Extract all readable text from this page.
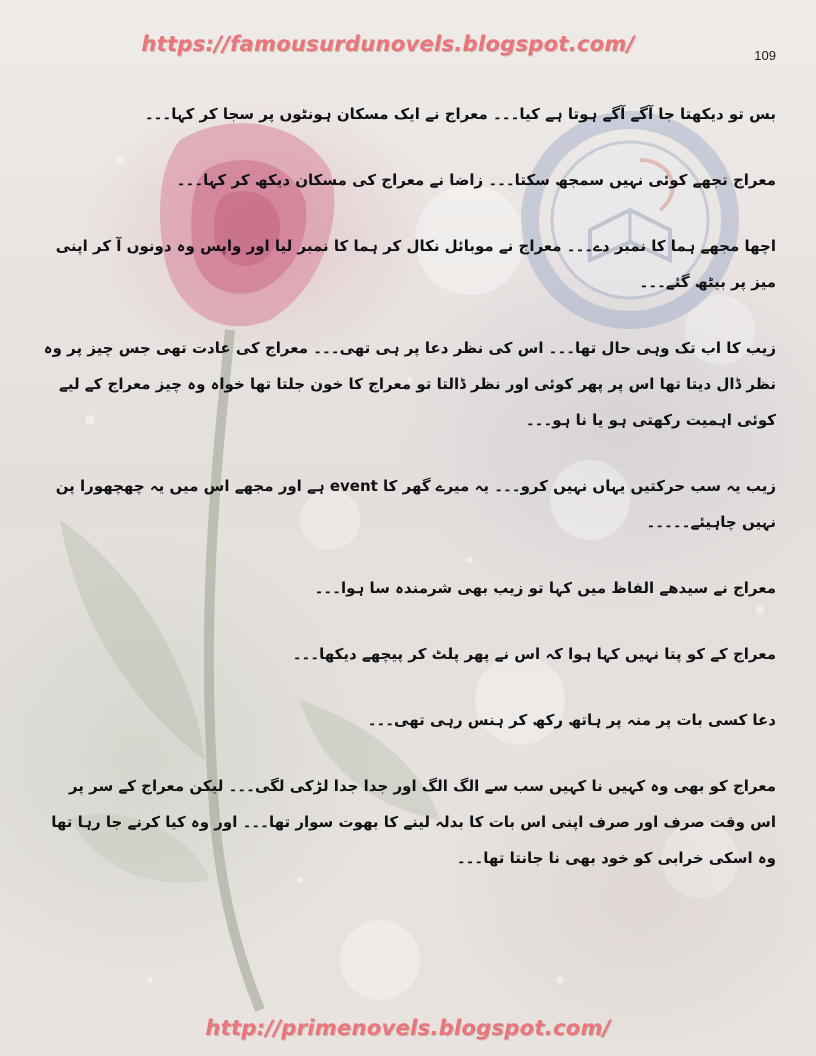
https://famousurdunovels.blogspot.com/	109

بس تو دیکھتا جا آگے آگے ہوتا ہے کیا۔۔۔ معراج نے ایک مسکان ہونٹوں پر سجا کر کہا۔۔۔

معراج تجھے کوئی نہیں سمجھ سکتا۔۔۔ زاضا نے معراج کی مسکان دیکھ کر کہا۔۔۔

اچھا مجھے ہما کا نمبر دے۔۔۔ معراج نے موبائل نکال کر ہما کا نمبر لیا اور واپس وہ دونوں آ کر اپنی میز پر بیٹھ گئے۔۔۔

زیب کا اب تک وہی حال تھا۔۔۔ اس کی نظر دعا پر ہی تھی۔۔۔ معراج کی عادت تھی جس چیز پر وہ نظر ڈال دیتا تھا اس پر پھر کوئی اور نظر ڈالتا تو معراج کا خون جلتا تھا خواہ وہ چیز معراج کے لیے کوئی اہمیت رکھتی ہو یا نا ہو۔۔۔

زیب یہ سب حرکتیں یہاں نہیں کرو۔۔۔ یہ میرے گھر کا event ہے اور مجھے اس میں یہ چھچھورا پن نہیں چاہیئے۔۔۔۔۔

معراج نے سیدھے الفاظ میں کہا تو زیب بھی شرمندہ سا ہوا۔۔۔

معراج کے کو پتا نہیں کہا ہوا کہ اس نے پھر پلٹ کر پیچھے دیکھا۔۔۔

دعا کسی بات پر منہ پر ہاتھ رکھ کر ہنس رہی تھی۔۔۔

معراج کو بھی وہ کہیں نا کہیں سب سے الگ الگ اور جدا جدا لڑکی لگی۔۔۔ لیکن معراج کے سر پر اس وقت صرف اور صرف اپنی اس بات کا بدلہ لینے کا بھوت سوار تھا۔۔۔ اور وہ کیا کرنے جا رہا تھا وہ اسکی خرابی کو خود بھی نا جانتا تھا۔۔۔

http://primenovels.blogspot.com/
